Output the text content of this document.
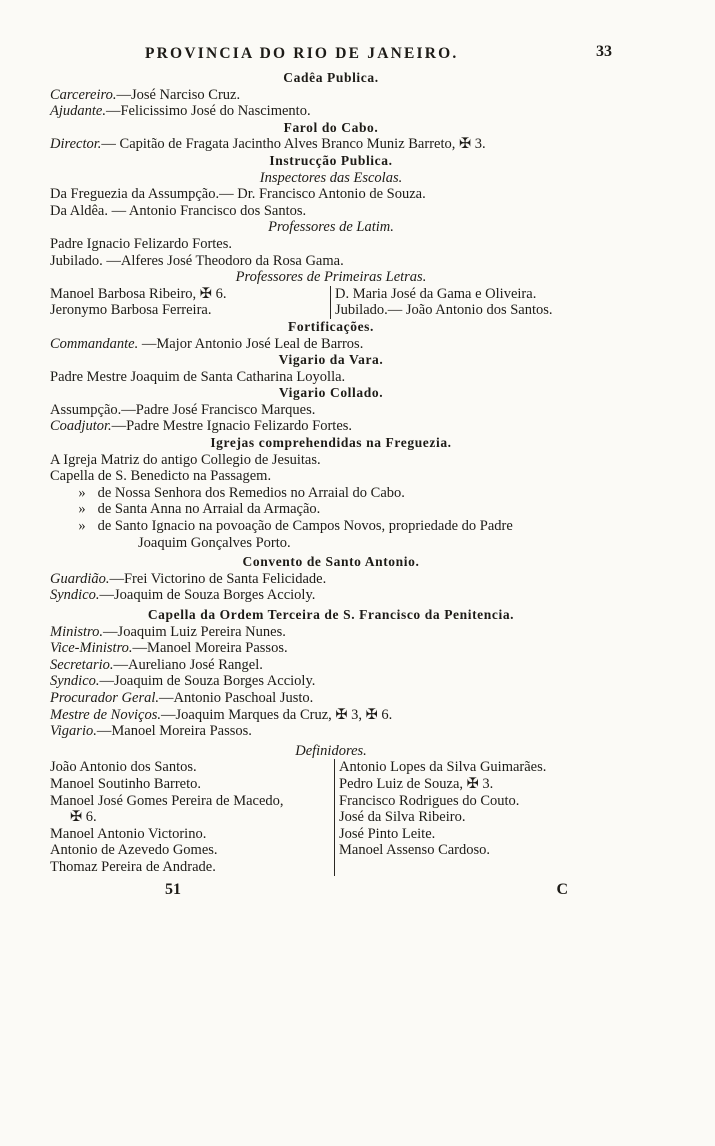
PROVINCIA DO RIO DE JANEIRO.	33
Cadêa Publica.
Carcereiro.—José Narciso Cruz.
Ajudante.—Felicissimo José do Nascimento.
Farol do Cabo.
Director.— Capitão de Fragata Jacintho Alves Branco Muniz Barreto, ✠ 3.
Instrucção Publica.
Inspectores das Escolas.
Da Freguezia da Assumpção.— Dr. Francisco Antonio de Souza.
Da Aldêa. — Antonio Francisco dos Santos.
Professores de Latim.
Padre Ignacio Felizardo Fortes.
Jubilado. —Alferes José Theodoro da Rosa Gama.
Professores de Primeiras Letras.
Manoel Barbosa Ribeiro, ✠ 6.
Jeronymo Barbosa Ferreira.
D. Maria José da Gama e Oliveira.
Jubilado.— João Antonio dos Santos.
Fortificações.
Commandante. —Major Antonio José Leal de Barros.
Vigario da Vara.
Padre Mestre Joaquim de Santa Catharina Loyolla.
Vigario Collado.
Assumpção.—Padre José Francisco Marques.
Coadjutor.—Padre Mestre Ignacio Felizardo Fortes.
Igrejas comprehendidas na Freguezia.
A Igreja Matriz do antigo Collegio de Jesuitas.
Capella de S. Benedicto na Passagem.
» de Nossa Senhora dos Remedios no Arraial do Cabo.
» de Santa Anna no Arraial da Armação.
» de Santo Ignacio na povoação de Campos Novos, propriedade do Padre
Joaquim Gonçalves Porto.
Convento de Santo Antonio.
Guardião.—Frei Victorino de Santa Felicidade.
Syndico.—Joaquim de Souza Borges Accioly.
Capella da Ordem Terceira de S. Francisco da Penitencia.
Ministro.—Joaquim Luiz Pereira Nunes.
Vice-Ministro.—Manoel Moreira Passos.
Secretario.—Aureliano José Rangel.
Syndico.—Joaquim de Souza Borges Accioly.
Procurador Geral.—Antonio Paschoal Justo.
Mestre de Noviços.—Joaquim Marques da Cruz, ✠ 3, ✠ 6.
Vigario.—Manoel Moreira Passos.
Definidores.
João Antonio dos Santos.
Manoel Soutinho Barreto.
Manoel José Gomes Pereira de Macedo,
✠ 6.
Manoel Antonio Victorino.
Antonio de Azevedo Gomes.
Thomaz Pereira de Andrade.
Antonio Lopes da Silva Guimarães.
Pedro Luiz de Souza, ✠ 3.
Francisco Rodrigues do Couto.
José da Silva Ribeiro.
José Pinto Leite.
Manoel Assenso Cardoso.
51	C
